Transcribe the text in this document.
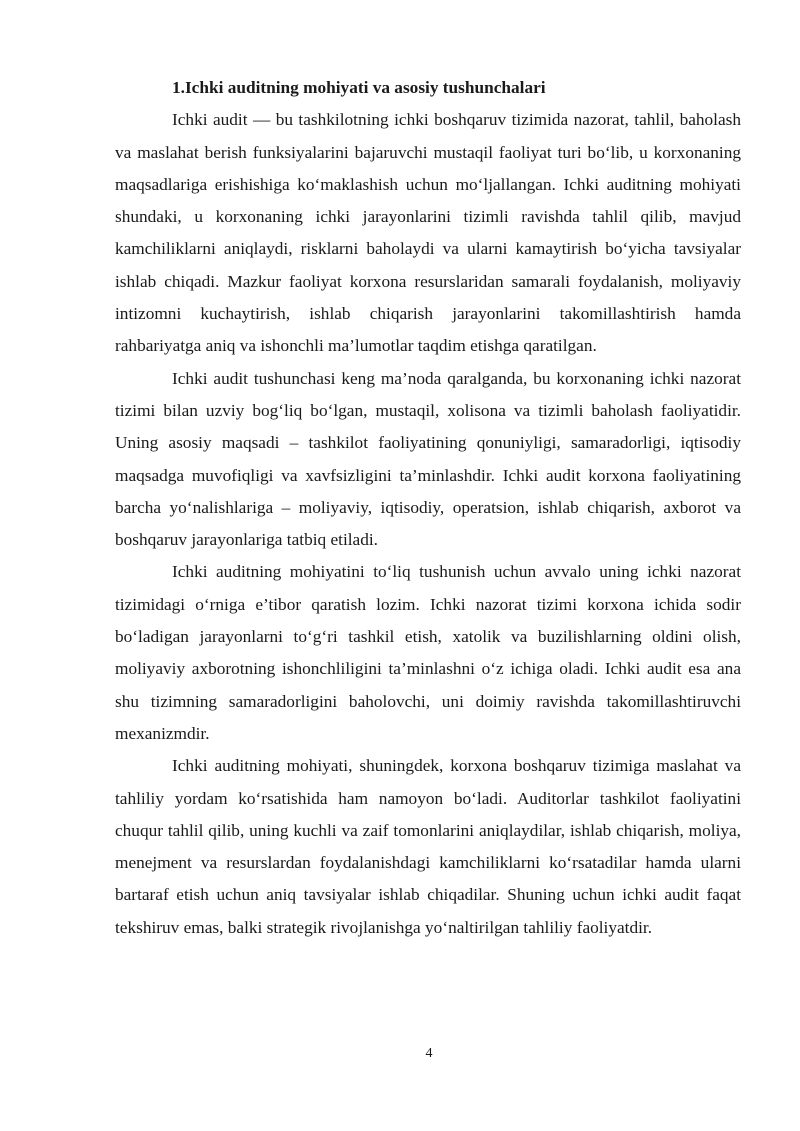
1.Ichki auditning mohiyati va asosiy tushunchalari

Ichki audit — bu tashkilotning ichki boshqaruv tizimida nazorat, tahlil, baholash va maslahat berish funksiyalarini bajaruvchi mustaqil faoliyat turi bo‘lib, u korxonaning maqsadlariga erishishiga ko‘maklashish uchun mo‘ljallangan. Ichki auditning mohiyati shundaki, u korxonaning ichki jarayonlarini tizimli ravishda tahlil qilib, mavjud kamchiliklarni aniqlaydi, risklarni baholaydi va ularni kamaytirish bo‘yicha tavsiyalar ishlab chiqadi. Mazkur faoliyat korxona resurslaridan samarali foydalanish, moliyaviy intizomni kuchaytirish, ishlab chiqarish jarayonlarini takomillashtirish hamda rahbariyatga aniq va ishonchli ma’lumotlar taqdim etishga qaratilgan.

Ichki audit tushunchasi keng ma’noda qaralganda, bu korxonaning ichki nazorat tizimi bilan uzviy bog‘liq bo‘lgan, mustaqil, xolisona va tizimli baholash faoliyatidir. Uning asosiy maqsadi – tashkilot faoliyatining qonuniyligi, samaradorligi, iqtisodiy maqsadga muvofiqligi va xavfsizligini ta’minlashdir. Ichki audit korxona faoliyatining barcha yo‘nalishlariga – moliyaviy, iqtisodiy, operatsion, ishlab chiqarish, axborot va boshqaruv jarayonlariga tatbiq etiladi.

Ichki auditning mohiyatini to‘liq tushunish uchun avvalo uning ichki nazorat tizimidagi o‘rniga e’tibor qaratish lozim. Ichki nazorat tizimi korxona ichida sodir bo‘ladigan jarayonlarni to‘g‘ri tashkil etish, xatolik va buzilishlarning oldini olish, moliyaviy axborotning ishonchliligini ta’minlashni o‘z ichiga oladi. Ichki audit esa ana shu tizimning samaradorligini baholovchi, uni doimiy ravishda takomillashtiruvchi mexanizmdir.

Ichki auditning mohiyati, shuningdek, korxona boshqaruv tizimiga maslahat va tahliliy yordam ko‘rsatishida ham namoyon bo‘ladi. Auditorlar tashkilot faoliyatini chuqur tahlil qilib, uning kuchli va zaif tomonlarini aniqlaydilar, ishlab chiqarish, moliya, menejment va resurslardan foydalanishdagi kamchiliklarni ko‘rsatadilar hamda ularni bartaraf etish uchun aniq tavsiyalar ishlab chiqadilar. Shuning uchun ichki audit faqat tekshiruv emas, balki strategik rivojlanishga yo‘naltirilgan tahliliy faoliyatdir.

4
